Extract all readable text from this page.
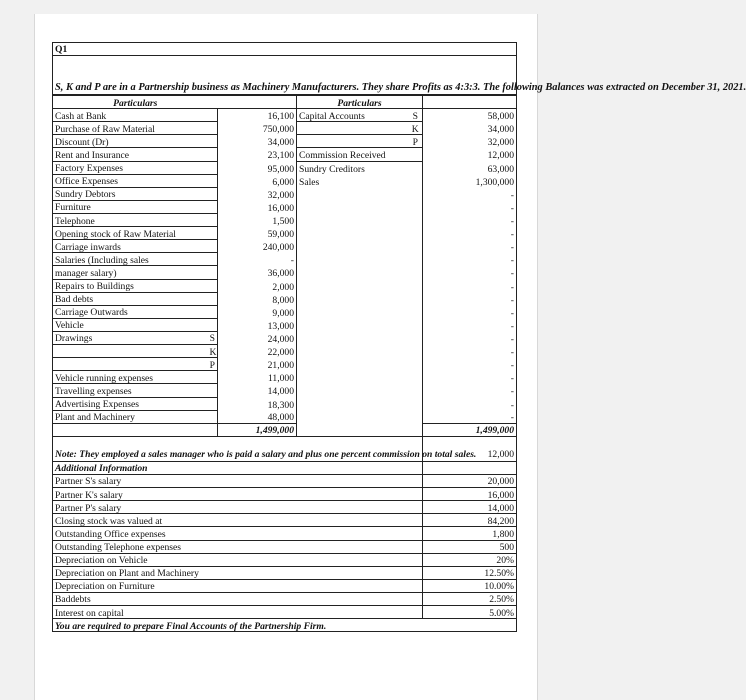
Q1
S, K and P are in a Partnership business as Machinery Manufacturers. They share Profits as 4:3:3. The following Balances was extracted on December 31, 2021.
Particulars			Particulars		
Cash at Bank		16,100	Capital Accounts	S	58,000
Purchase of Raw Material		750,000		K	34,000
Discount (Dr)		34,000		P	32,000
Rent and Insurance		23,100	Commission Received		12,000
Factory Expenses		95,000	Sundry Creditors		63,000
Office Expenses		6,000	Sales		1,300,000
Sundry Debtors		32,000			-
Furniture		16,000			-
Telephone		1,500			-
Opening stock of Raw Material		59,000			-
Carriage inwards		240,000			-
Salaries (Including sales		-			-
manager salary)		36,000			-
Repairs to Buildings		2,000			-
Bad debts		8,000			-
Carriage Outwards		9,000			-
Vehicle		13,000			-
Drawings	S	24,000			-
	K	22,000			-
	P	21,000			-
Vehicle running expenses		11,000			-
Travelling expenses		14,000			-
Advertising Expenses		18,300			-
Plant and Machinery		48,000			-
		1,499,000			1,499,000
Note: They employed a sales manager who is paid a salary and plus one percent commission on total sales.	12,000
Additional Information	
Partner S's salary	20,000
Partner K's salary	16,000
Partner P's salary	14,000
Closing stock was valued at	84,200
Outstanding Office expenses	1,800
Outstanding Telephone expenses	500
Depreciation on Vehicle	20%
Depreciation on Plant and Machinery	12.50%
Depreciation on Furniture	10.00%
Baddebts	2.50%
Interest on capital	5.00%
You are required to prepare Final Accounts of the Partnership Firm.	
